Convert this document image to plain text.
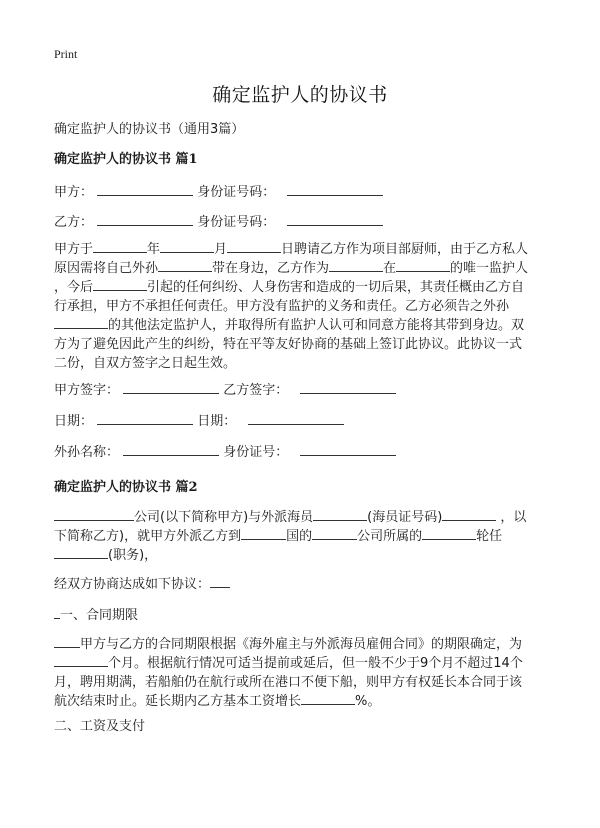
Print
确定监护人的协议书
确定监护人的协议书（通用3篇）
确定监护人的协议书 篇1
甲方：	身份证号码：
乙方：	身份证号码：
甲方于	年	月	日聘请乙方作为项目部厨师，由于乙方私人
原因需将自己外孙	带在身边，乙方作为	在	的唯一监护人
，今后	引起的任何纠纷、人身伤害和造成的一切后果，其责任概由乙方自
行承担，甲方不承担任何责任。甲方没有监护的义务和责任。乙方必须告之外孙
的其他法定监护人，并取得所有监护人认可和同意方能将其带到身边。双
方为了避免因此产生的纠纷，特在平等友好协商的基础上签订此协议。此协议一式
二份，自双方签字之日起生效。
甲方签字：	乙方签字：
日期：	日期：
外孙名称：	身份证号：
确定监护人的协议书 篇2
公司(以下简称甲方)与外派海员	(海员证号码)	，以
下简称乙方)，就甲方外派乙方到	国的	公司所属的	轮任
(职务)，
经双方协商达成如下协议：
一、合同期限
甲方与乙方的合同期限根据《海外雇主与外派海员雇佣合同》的期限确定，为
个月。根据航行情况可适当提前或延后，但一般不少于9个月不超过14个
月，聘用期满，若船舶仍在航行或所在港口不便下船，则甲方有权延长本合同于该
航次结束时止。延长期内乙方基本工资增长	%。
二、工资及支付
